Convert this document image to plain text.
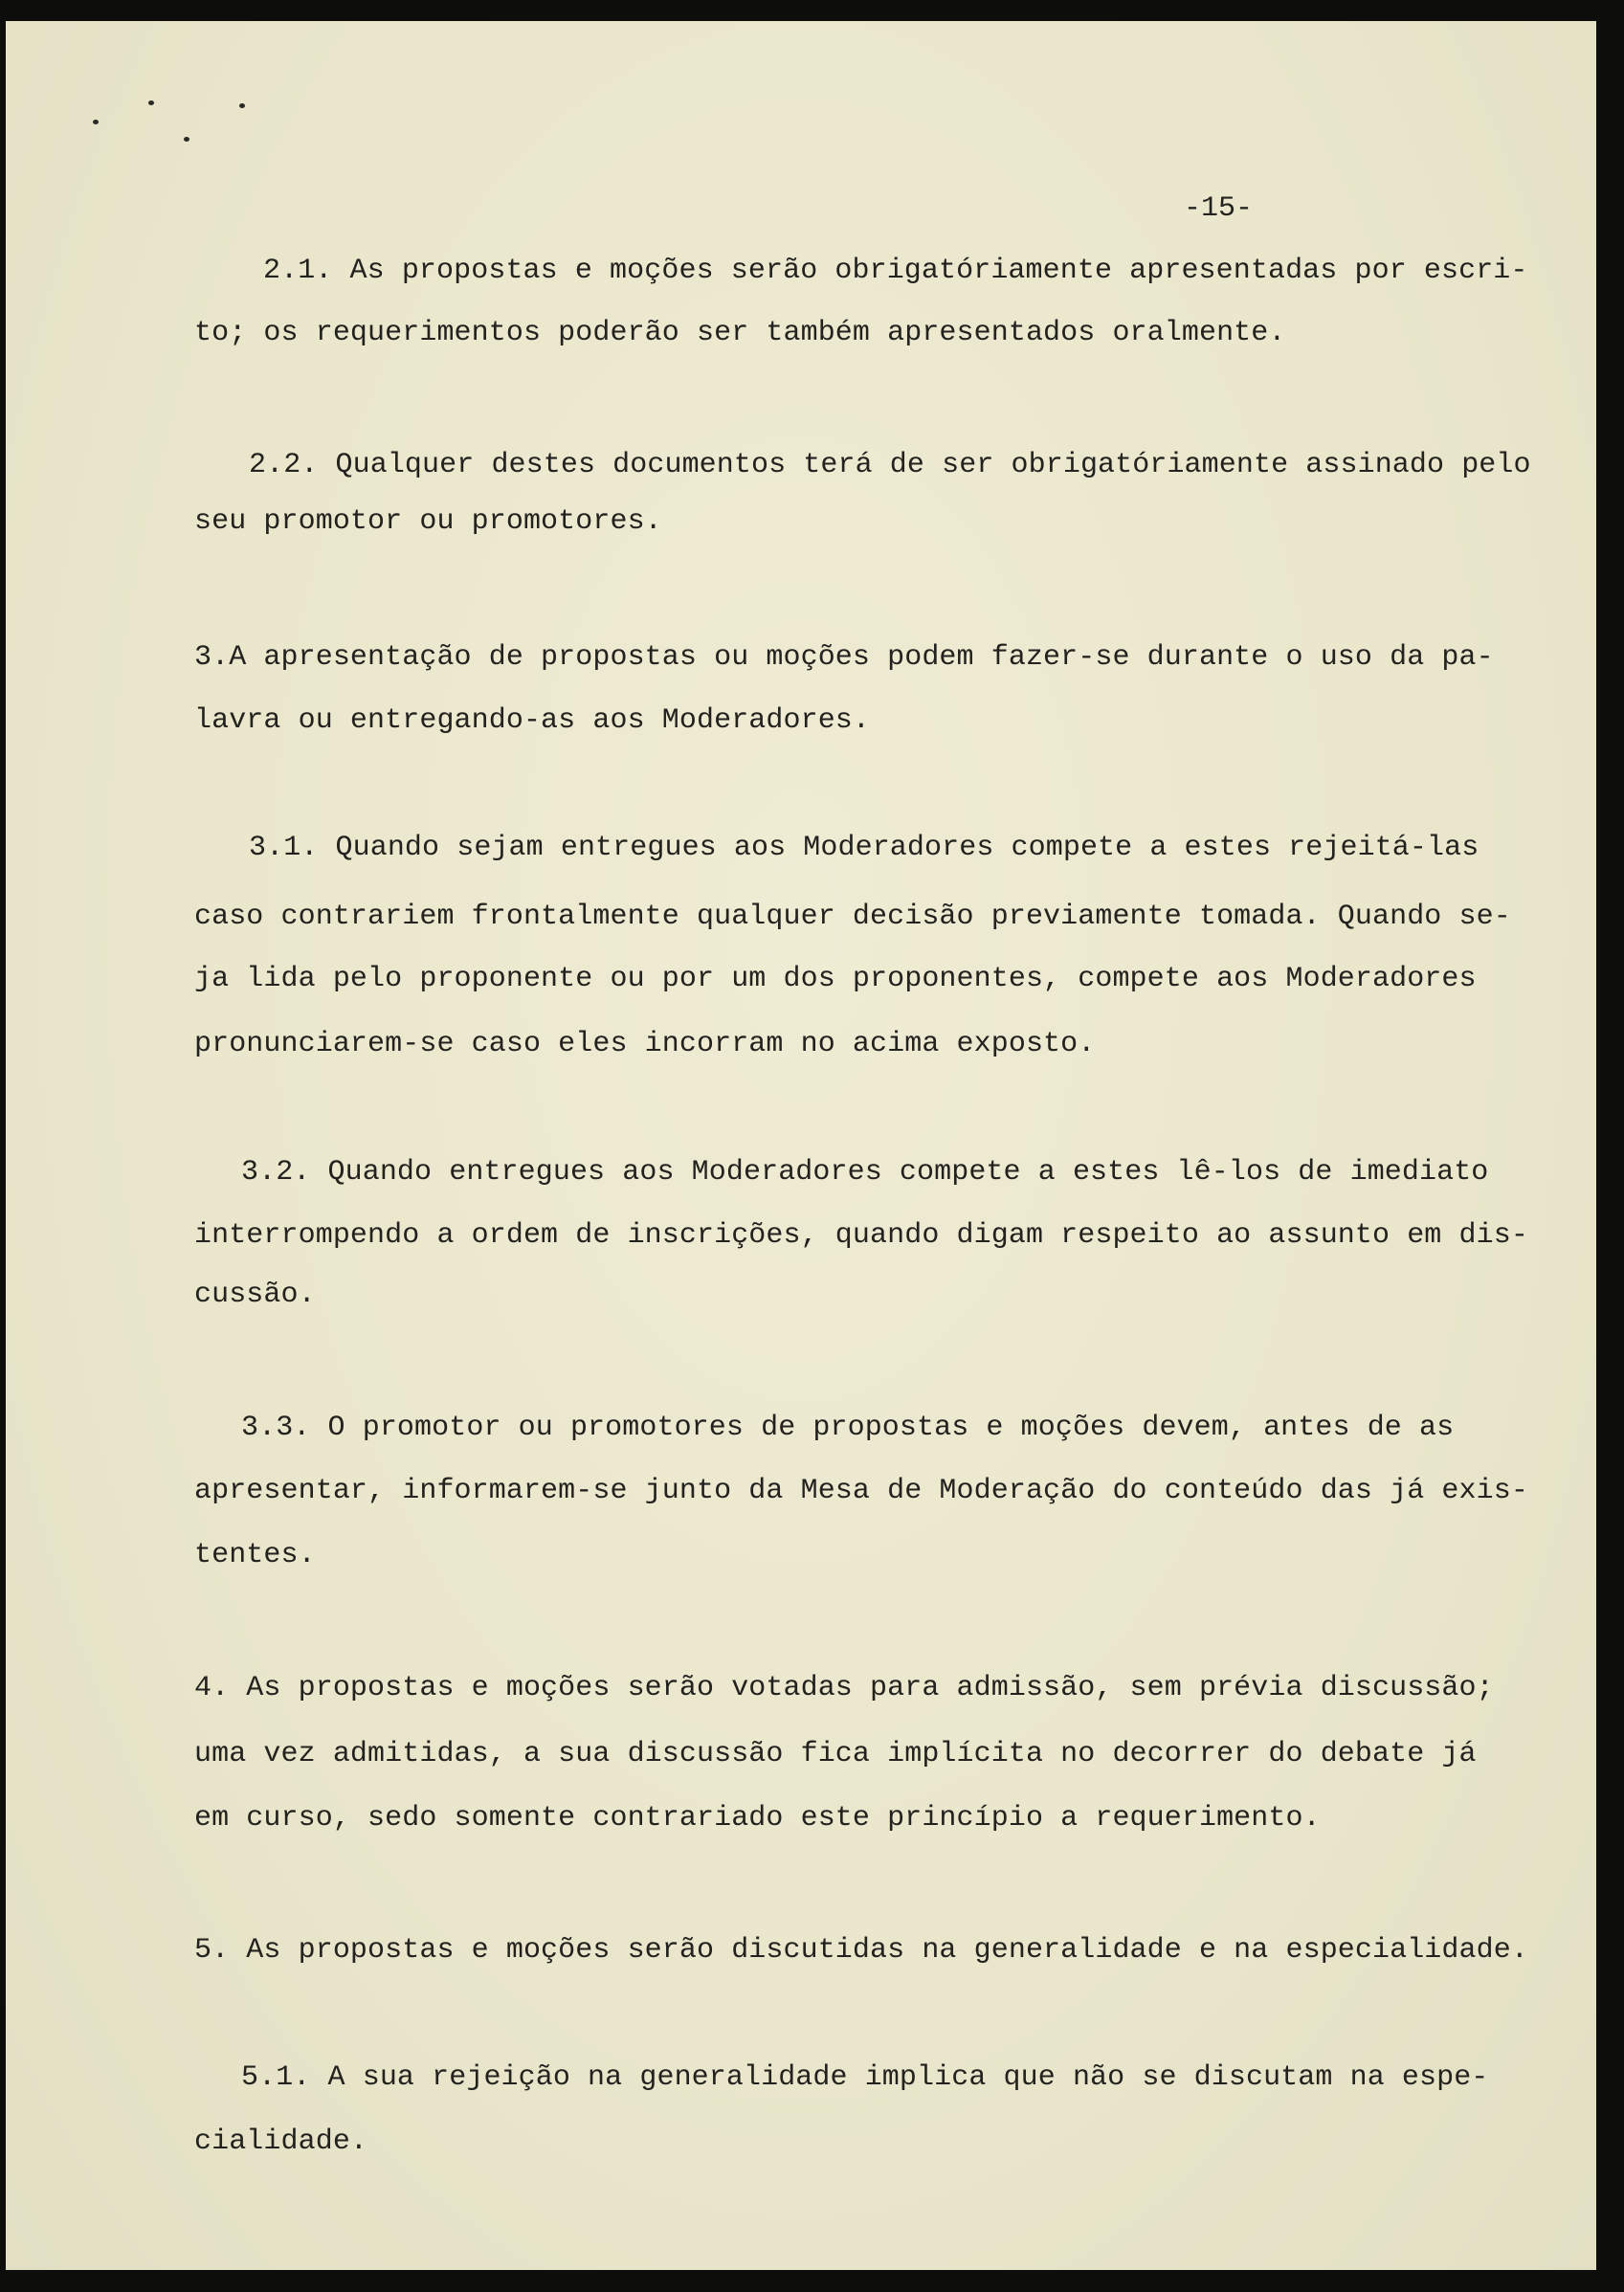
-15-

2.1. As propostas e moções serão obrigatóriamente apresentadas por escri-

to; os requerimentos poderão ser também apresentados oralmente.

2.2. Qualquer destes documentos terá de ser obrigatóriamente assinado pelo

seu promotor ou promotores.

3.A apresentação de propostas ou moções podem fazer-se durante o uso da pa-

lavra ou entregando-as aos Moderadores.

3.1. Quando sejam entregues aos Moderadores compete a estes rejeitá-las

caso contrariem frontalmente qualquer decisão previamente tomada. Quando se-

ja lida pelo proponente ou por um dos proponentes, compete aos Moderadores

pronunciarem-se caso eles incorram no acima exposto.

3.2. Quando entregues aos Moderadores compete a estes lê-los de imediato

interrompendo a ordem de inscrições, quando digam respeito ao assunto em dis-

cussão.

3.3. O promotor ou promotores de propostas e moções devem, antes de as

apresentar, informarem-se junto da Mesa de Moderação do conteúdo das já exis-

tentes.

4. As propostas e moções serão votadas para admissão, sem prévia discussão;

uma vez admitidas, a sua discussão fica implícita no decorrer do debate já

em curso, sedo somente contrariado este princípio a requerimento.

5. As propostas e moções serão discutidas na generalidade e na especialidade.

5.1. A sua rejeição na generalidade implica que não se discutam na espe-

cialidade.
